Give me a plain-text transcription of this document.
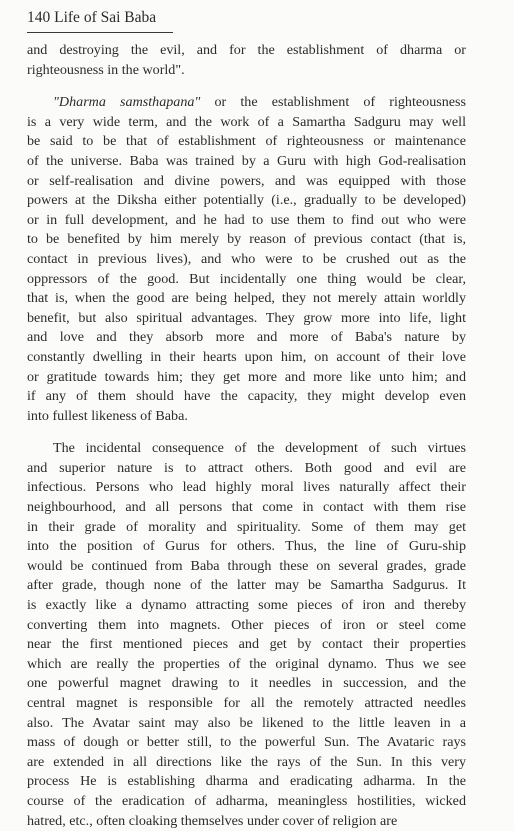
140 Life of Sai Baba
and destroying the evil, and for the establishment of dharma or
righteousness in the world".
"Dharma samsthapana" or the establishment of righteousness
is a very wide term, and the work of a Samartha Sadguru may well
be said to be that of establishment of righteousness or maintenance
of the universe. Baba was trained by a Guru with high God-realisation
or self-realisation and divine powers, and was equipped with those
powers at the Diksha either potentially (i.e., gradually to be developed)
or in full development, and he had to use them to find out who were
to be benefited by him merely by reason of previous contact (that is,
contact in previous lives), and who were to be crushed out as the
oppressors of the good. But incidentally one thing would be clear,
that is, when the good are being helped, they not merely attain worldly
benefit, but also spiritual advantages. They grow more into life, light
and love and they absorb more and more of Baba's nature by
constantly dwelling in their hearts upon him, on account of their love
or gratitude towards him; they get more and more like unto him; and
if any of them should have the capacity, they might develop even
into fullest likeness of Baba.
The incidental consequence of the development of such virtues
and superior nature is to attract others. Both good and evil are
infectious. Persons who lead highly moral lives naturally affect their
neighbourhood, and all persons that come in contact with them rise
in their grade of morality and spirituality. Some of them may get
into the position of Gurus for others. Thus, the line of Guru-ship
would be continued from Baba through these on several grades, grade
after grade, though none of the latter may be Samartha Sadgurus. It
is exactly like a dynamo attracting some pieces of iron and thereby
converting them into magnets. Other pieces of iron or steel come
near the first mentioned pieces and get by contact their properties
which are really the properties of the original dynamo. Thus we see
one powerful magnet drawing to it needles in succession, and the
central magnet is responsible for all the remotely attracted needles
also. The Avatar saint may also be likened to the little leaven in a
mass of dough or better still, to the powerful Sun. The Avataric rays
are extended in all directions like the rays of the Sun. In this very
process He is establishing dharma and eradicating adharma. In the
course of the eradication of adharma, meaningless hostilities, wicked
hatred, etc., often cloaking themselves under cover of religion are
